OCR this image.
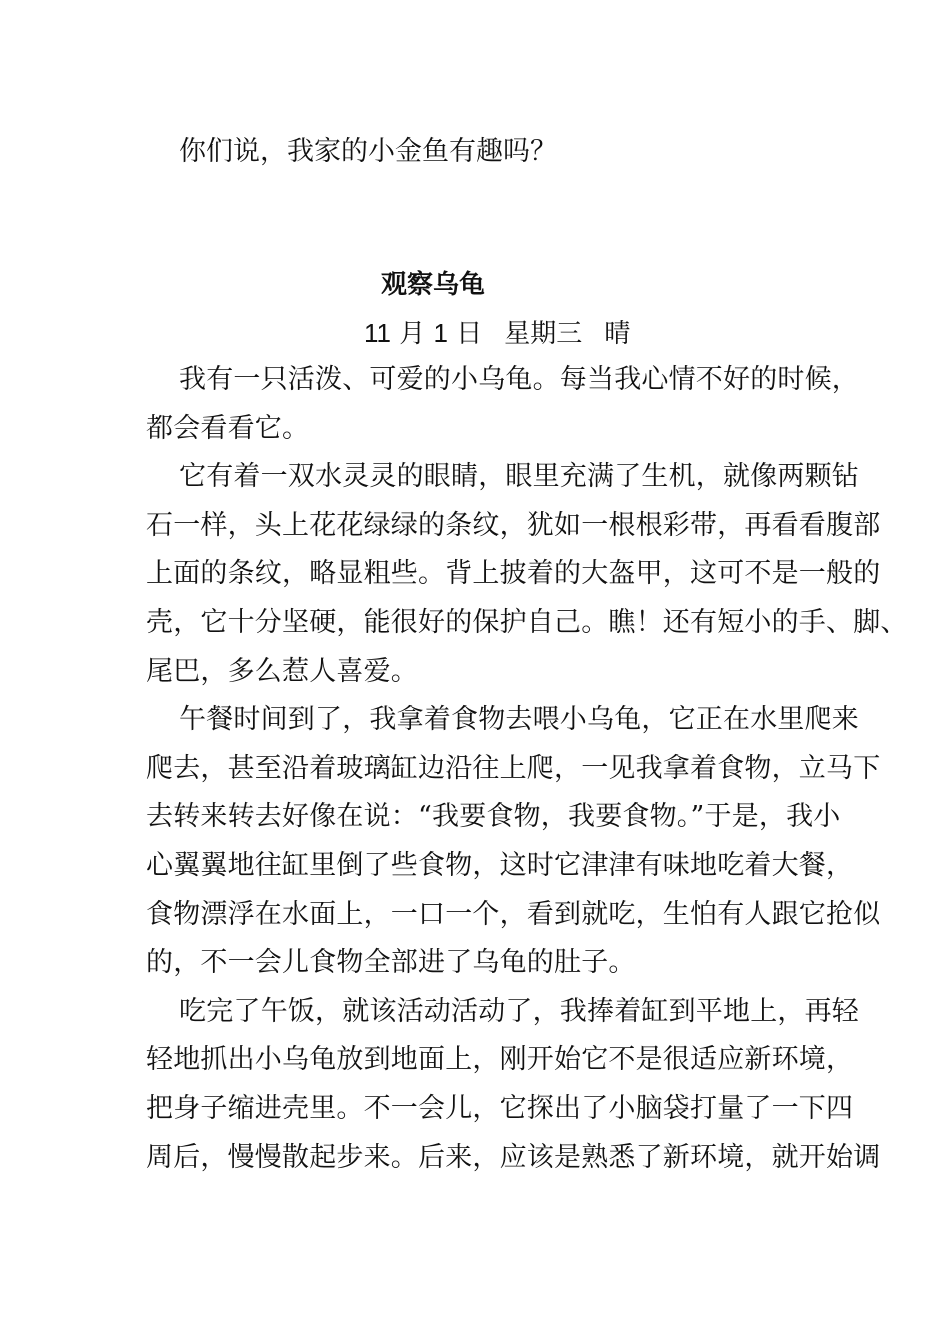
你们说，我家的小金鱼有趣吗？
观察乌龟
11 月 1 日 星期三 晴
我有一只活泼、可爱的小乌龟。每当我心情不好的时候，
都会看看它。
它有着一双水灵灵的眼睛，眼里充满了生机，就像两颗钻
石一样，头上花花绿绿的条纹，犹如一根根彩带，再看看腹部
上面的条纹，略显粗些。背上披着的大盔甲，这可不是一般的
壳，它十分坚硬，能很好的保护自己。瞧！还有短小的手、脚、
尾巴，多么惹人喜爱。
午餐时间到了，我拿着食物去喂小乌龟，它正在水里爬来
爬去，甚至沿着玻璃缸边沿往上爬，一见我拿着食物，立马下
去转来转去好像在说：“我要食物，我要食物。”于是，我小
心翼翼地往缸里倒了些食物，这时它津津有味地吃着大餐，
食物漂浮在水面上，一口一个，看到就吃，生怕有人跟它抢似
的，不一会儿食物全部进了乌龟的肚子。
吃完了午饭，就该活动活动了，我捧着缸到平地上，再轻
轻地抓出小乌龟放到地面上，刚开始它不是很适应新环境，
把身子缩进壳里。不一会儿，它探出了小脑袋打量了一下四
周后，慢慢散起步来。后来，应该是熟悉了新环境，就开始调
